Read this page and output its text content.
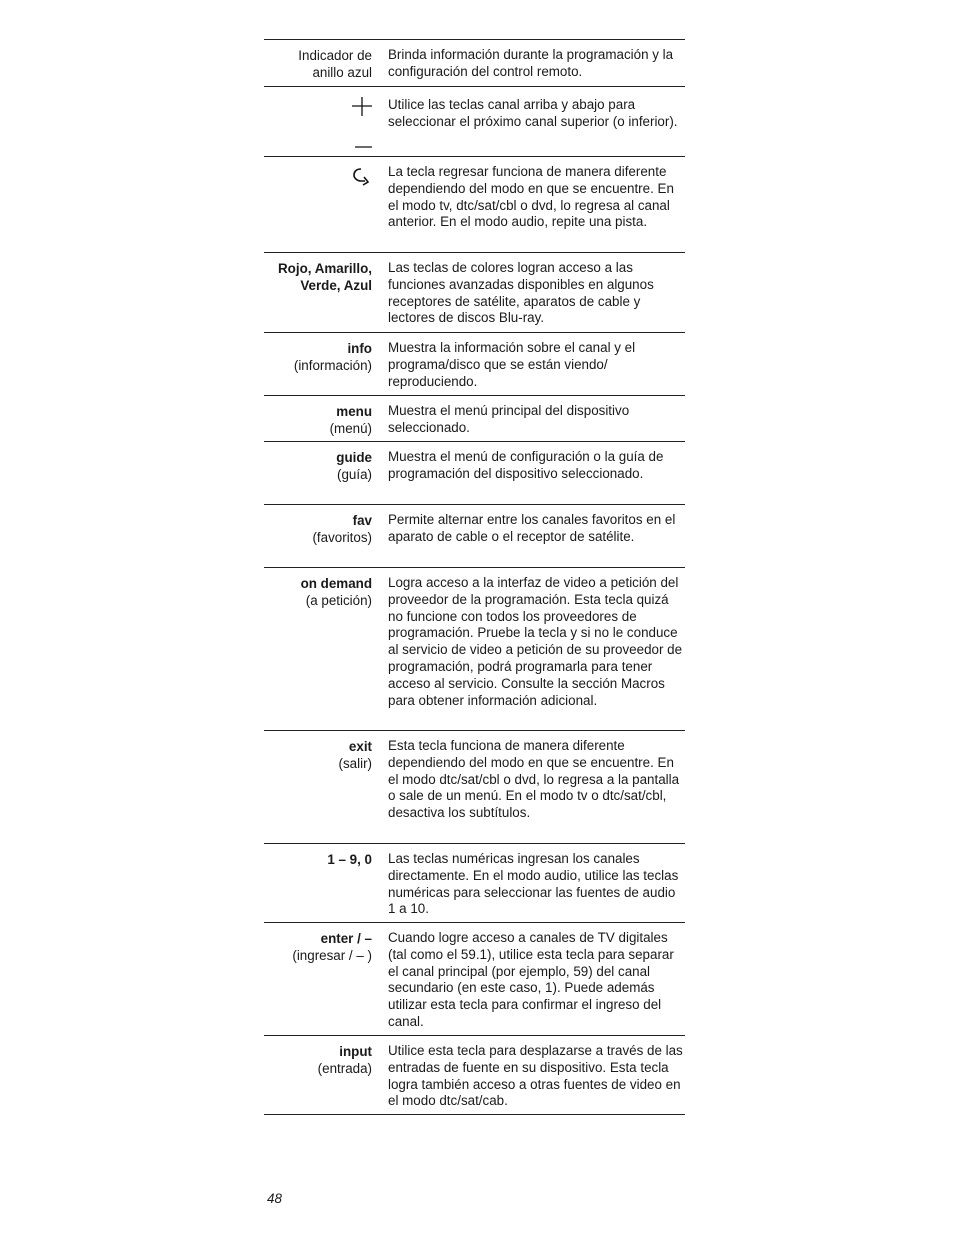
Indicador de anillo azul
Brinda información durante la programación y la configuración del control remoto.
Utilice las teclas canal arriba y abajo para seleccionar el próximo canal superior (o inferior).
La tecla regresar funciona de manera diferente dependiendo del modo en que se encuentre. En el modo tv, dtc/sat/cbl o dvd, lo regresa al canal anterior. En el modo audio, repite una pista.
Rojo, Amarillo, Verde, Azul
Las teclas de colores logran acceso a las funciones avanzadas disponibles en algunos receptores de satélite, aparatos de cable y lectores de discos Blu-ray.
info
(información)
Muestra la información sobre el canal y el programa/disco que se están viendo/ reproduciendo.
menu
(menú)
Muestra el menú principal del dispositivo seleccionado.
guide
(guía)
Muestra el menú de configuración o la guía de programación del dispositivo seleccionado.
fav
(favoritos)
Permite alternar entre los canales favoritos en el aparato de cable o el receptor de satélite.
on demand
(a petición)
Logra acceso a la interfaz de video a petición del proveedor de la programación. Esta tecla quizá no funcione con todos los proveedores de programación. Pruebe la tecla y si no le conduce al servicio de video a petición de su proveedor de programación, podrá programarla para tener acceso al servicio. Consulte la sección Macros para obtener información adicional.
exit
(salir)
Esta tecla funciona de manera diferente dependiendo del modo en que se encuentre. En el modo dtc/sat/cbl o dvd, lo regresa a la pantalla o sale de un menú. En el modo tv o dtc/sat/cbl, desactiva los subtítulos.
1 – 9, 0 Las teclas numéricas ingresan los canales directamente. En el modo audio, utilice las teclas numéricas para seleccionar las fuentes de audio 1 a 10.
enter / –
(ingresar / – )
Cuando logre acceso a canales de TV digitales (tal como el 59.1), utilice esta tecla para separar el canal principal (por ejemplo, 59) del canal secundario (en este caso, 1). Puede además utilizar esta tecla para confirmar el ingreso del canal.
input
(entrada)
Utilice esta tecla para desplazarse a través de las entradas de fuente en su dispositivo. Esta tecla logra también acceso a otras fuentes de video en el modo dtc/sat/cab.
48
